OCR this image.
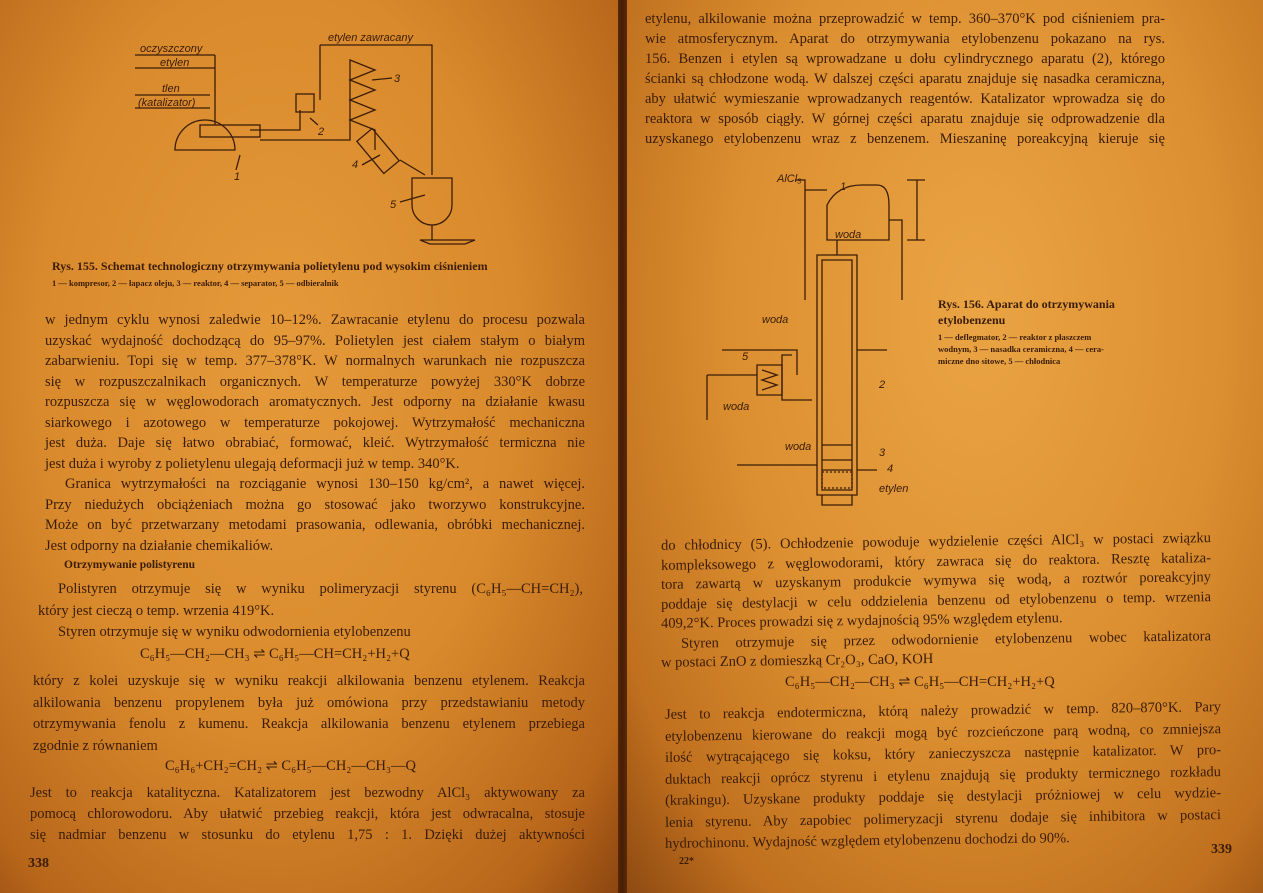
oczyszczony
etylen
tlen
(katalizator)
etylen zawracany
1
2
3
4
5
Rys. 155. Schemat technologiczny otrzymywania polietylenu pod wysokim ciśnieniem
1 — kompresor, 2 — łapacz oleju, 3 — reaktor, 4 — separator, 5 — odbieralnik
w jednym cyklu wynosi zaledwie 10–12%. Zawracanie etylenu do procesu pozwala
uzyskać wydajność dochodzącą do 95–97%. Polietylen jest ciałem stałym o białym
zabarwieniu. Topi się w temp. 377–378°K. W normalnych warunkach nie rozpuszcza
się w rozpuszczalnikach organicznych. W temperaturze powyżej 330°K dobrze
rozpuszcza się w węglowodorach aromatycznych. Jest odporny na działanie kwasu
siarkowego i azotowego w temperaturze pokojowej. Wytrzymałość mechaniczna
jest duża. Daje się łatwo obrabiać, formować, kleić. Wytrzymałość termiczna nie
jest duża i wyroby z polietylenu ulegają deformacji już w temp. 340°K.
Granica wytrzymałości na rozciąganie wynosi 130–150 kg/cm², a nawet więcej.
Przy niedużych obciążeniach można go stosować jako tworzywo konstrukcyjne.
Może on być przetwarzany metodami prasowania, odlewania, obróbki mechanicznej.
Jest odporny na działanie chemikaliów.
Otrzymywanie polistyrenu
Polistyren otrzymuje się w wyniku polimeryzacji styrenu (C₆H₅—CH=CH₂),
który jest cieczą o temp. wrzenia 419°K.
Styren otrzymuje się w wyniku odwodornienia etylobenzenu
C₆H₅—CH₂—CH₃ ⇌ C₆H₅—CH=CH₂+H₂+Q
który z kolei uzyskuje się w wyniku reakcji alkilowania benzenu etylenem. Reakcja
alkilowania benzenu propylenem była już omówiona przy przedstawianiu metody
otrzymywania fenolu z kumenu. Reakcja alkilowania benzenu etylenem przebiega
zgodnie z równaniem
C₆H₆+CH₂=CH₂ ⇌ C₆H₅—CH₂—CH₃—Q
Jest to reakcja katalityczna. Katalizatorem jest bezwodny AlCl₃ aktywowany za
pomocą chlorowodoru. Aby ułatwić przebieg reakcji, która jest odwracalna, stosuje
się nadmiar benzenu w stosunku do etylenu 1,75 : 1. Dzięki dużej aktywności
338
etylenu, alkilowanie można przeprowadzić w temp. 360–370°K pod ciśnieniem pra-
wie atmosferycznym. Aparat do otrzymywania etylobenzenu pokazano na rys.
156. Benzen i etylen są wprowadzane u dołu cylindrycznego aparatu (2), którego
ścianki są chłodzone wodą. W dalszej części aparatu znajduje się nasadka ceramiczna,
aby ułatwić wymieszanie wprowadzanych reagentów. Katalizator wprowadza się do
reaktora w sposób ciągły. W górnej części aparatu znajduje się odprowadzenie dla
uzyskanego etylobenzenu wraz z benzenem. Mieszaninę poreakcyjną kieruje się
AlCl₃
1
woda
woda
5
woda
2
woda	3
4
etylen
Rys. 156. Aparat do otrzymywania
etylobenzenu
1 — deflegmator, 2 — reaktor z płaszczem
wodnym, 3 — nasadka ceramiczna, 4 — cera-
miczne dno sitowe, 5 — chłodnica
do chłodnicy (5). Ochłodzenie powoduje wydzielenie części AlCl₃ w postaci związku
kompleksowego z węglowodorami, który zawraca się do reaktora. Resztę kataliza-
tora zawartą w uzyskanym produkcie wymywa się wodą, a roztwór poreakcyjny
poddaje się destylacji w celu oddzielenia benzenu od etylobenzenu o temp. wrzenia
409,2°K. Proces prowadzi się z wydajnością 95% względem etylenu.
Styren otrzymuje się przez odwodornienie etylobenzenu wobec katalizatora
w postaci ZnO z domieszką Cr₂O₃, CaO, KOH
C₆H₅—CH₂—CH₃ ⇌ C₆H₅—CH=CH₂+H₂+Q
Jest to reakcja endotermiczna, którą należy prowadzić w temp. 820–870°K. Pary
etylobenzenu kierowane do reakcji mogą być rozcieńczone parą wodną, co zmniejsza
ilość wytrącającego się koksu, który zanieczyszcza następnie katalizator. W pro-
duktach reakcji oprócz styrenu i etylenu znajdują się produkty termicznego rozkładu
(krakingu). Uzyskane produkty poddaje się destylacji próżniowej w celu wydzie-
lenia styrenu. Aby zapobiec polimeryzacji styrenu dodaje się inhibitora w postaci
hydrochinonu. Wydajność względem etylobenzenu dochodzi do 90%.
22*
339
